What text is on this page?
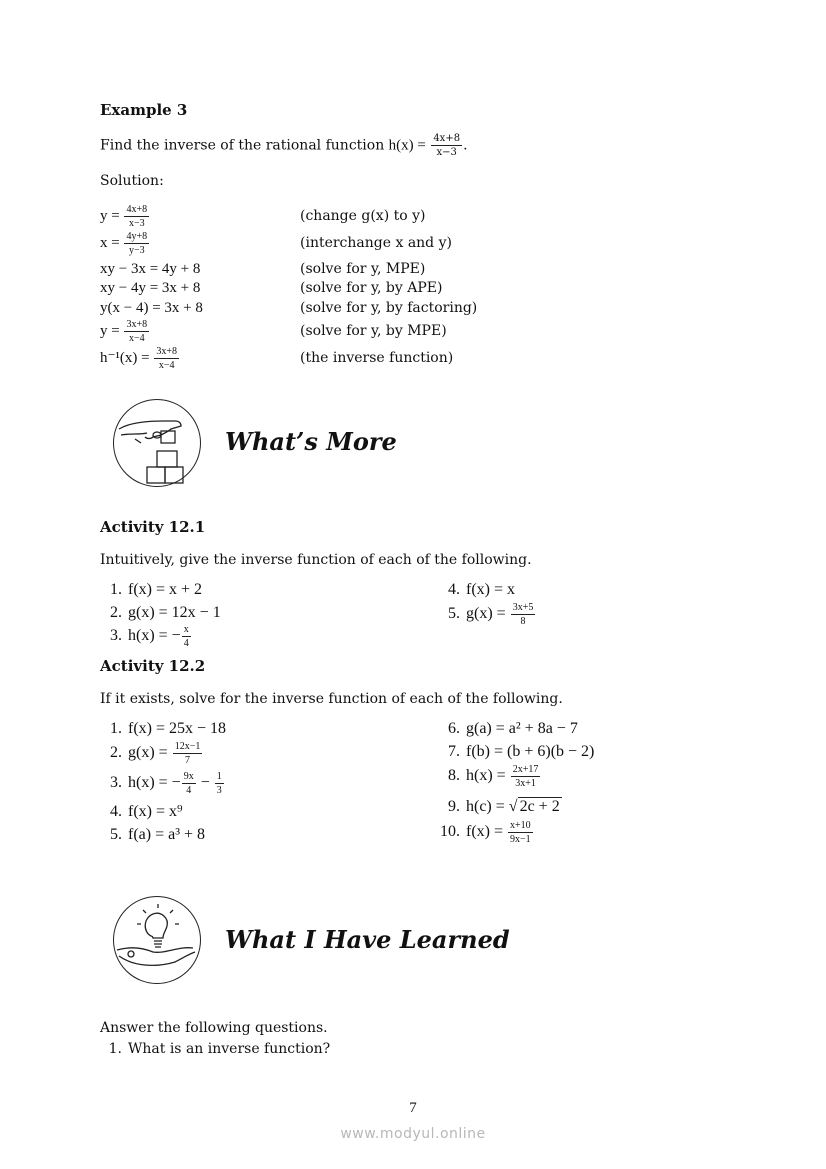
Example 3
Find the inverse of the rational function $h(x) = \frac{4x+8}{x-3}$ .
Solution:
$y = \frac{4x+8}{x-3}$	(change g(x) to y)
$x = \frac{4y+8}{y-3}$	(interchange x and y)
xy − 3x = 4y + 8	(solve for y, MPE)
xy − 4y = 3x + 8	(solve for y, by APE)
y(x − 4) = 3x + 8	(solve for y, by factoring)
$y = \frac{3x+8}{x-4}$	(solve for y, by MPE)
$h^{-1}(x) = \frac{3x+8}{x-4}$	(the inverse function)
What’s More
Activity 12.1
Intuitively, give the inverse function of each of the following.
1. f(x) = x + 2
2. g(x) = 12x − 1
3. h(x) = − $\frac{x}{4}$
4. f(x) = x
5. $g(x) = \frac{3x+5}{8}$
Activity 12.2
If it exists, solve for the inverse function of each of the following.
1. f(x) = 25x − 18
2. $g(x) = \frac{12x-1}{7}$
3. h(x) = − $\frac{9x}{4} - \frac{1}{3}$
4. f(x) = x⁹
5. f(a) = a³ + 8
6. g(a) = a² + 8a − 7
7. f(b) = (b + 6)(b − 2)
8. $h(x) = \frac{2x+17}{3x+1}$
9. h(c) = √ 2c + 2
10. $f(x) = \frac{x+10}{9x-1}$
What I Have Learned
Answer the following questions.
1. What is an inverse function?
7
www.modyul.online
